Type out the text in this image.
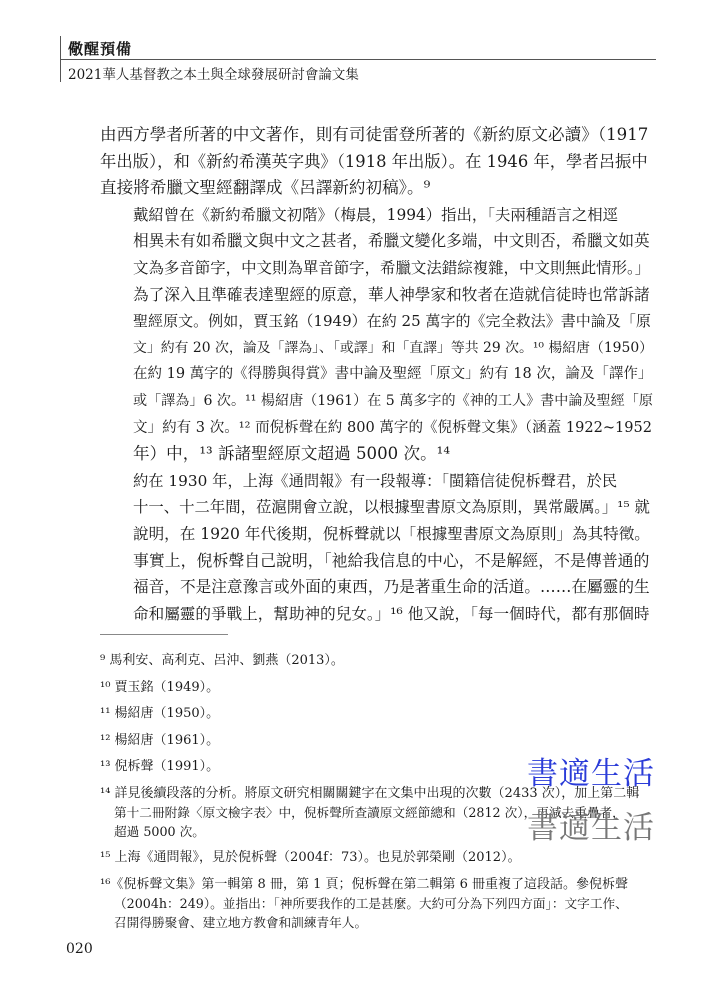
儆醒預備
2021華人基督教之本土與全球發展研討會論文集
由西方學者所著的中文著作，則有司徒雷登所著的《新約原文必讀》（1917
年出版），和《新約希漢英字典》（1918 年出版）。在 1946 年，學者呂振中
直接將希臘文聖經翻譯成《呂譯新約初稿》。⁹
戴紹曾在《新約希臘文初階》（梅晨，1994）指出，「夫兩種語言之相逕
相異未有如希臘文與中文之甚者，希臘文變化多端，中文則否，希臘文如英
文為多音節字，中文則為單音節字，希臘文法錯綜複雜，中文則無此情形。」
為了深入且準確表達聖經的原意，華人神學家和牧者在造就信徒時也常訴諸
聖經原文。例如，賈玉銘（1949）在約 25 萬字的《完全救法》書中論及「原
文」約有 20 次，論及「譯為」、「或譯」和「直譯」等共 29 次。¹⁰ 楊紹唐（1950）
在約 19 萬字的《得勝與得賞》書中論及聖經「原文」約有 18 次，論及「譯作」
或「譯為」6 次。¹¹ 楊紹唐（1961）在 5 萬多字的《神的工人》書中論及聖經「原
文」約有 3 次。¹² 而倪柝聲在約 800 萬字的《倪柝聲文集》（涵蓋 1922~1952
年）中，¹³ 訴諸聖經原文超過 5000 次。¹⁴
約在 1930 年，上海《通問報》有一段報導：「閩籍信徒倪柝聲君，於民
十一、十二年間，莅滬開會立說，以根據聖書原文為原則，異常嚴厲。」¹⁵ 就
說明，在 1920 年代後期，倪柝聲就以「根據聖書原文為原則」為其特徵。
事實上，倪柝聲自己說明，「祂給我信息的中心，不是解經，不是傳普通的
福音，不是注意豫言或外面的東西，乃是著重生命的活道。……在屬靈的生
命和屬靈的爭戰上，幫助神的兒女。」¹⁶ 他又說，「每一個時代，都有那個時
⁹ 馬利安、高利克、呂沖、劉燕（2013）。
¹⁰ 賈玉銘（1949）。
¹¹ 楊紹唐（1950）。
¹² 楊紹唐（1961）。
¹³ 倪柝聲（1991）。
¹⁴ 詳見後續段落的分析。將原文研究相關關鍵字在文集中出現的次數（2433 次），加上第二輯
第十二冊附錄〈原文檢字表〉中，倪柝聲所查讀原文經節總和（2812 次），再減去重疊者，
超過 5000 次。
¹⁵ 上海《通問報》，見於倪柝聲（2004f：73）。也見於郭榮剛（2012）。
¹⁶《倪柝聲文集》第一輯第 8 冊，第 1 頁；倪柝聲在第二輯第 6 冊重複了這段話。參倪柝聲
（2004h：249）。並指出：「神所要我作的工是甚麼。大約可分為下列四方面」：文字工作、
召開得勝聚會、建立地方教會和訓練青年人。
書適生活
書適生活
020
